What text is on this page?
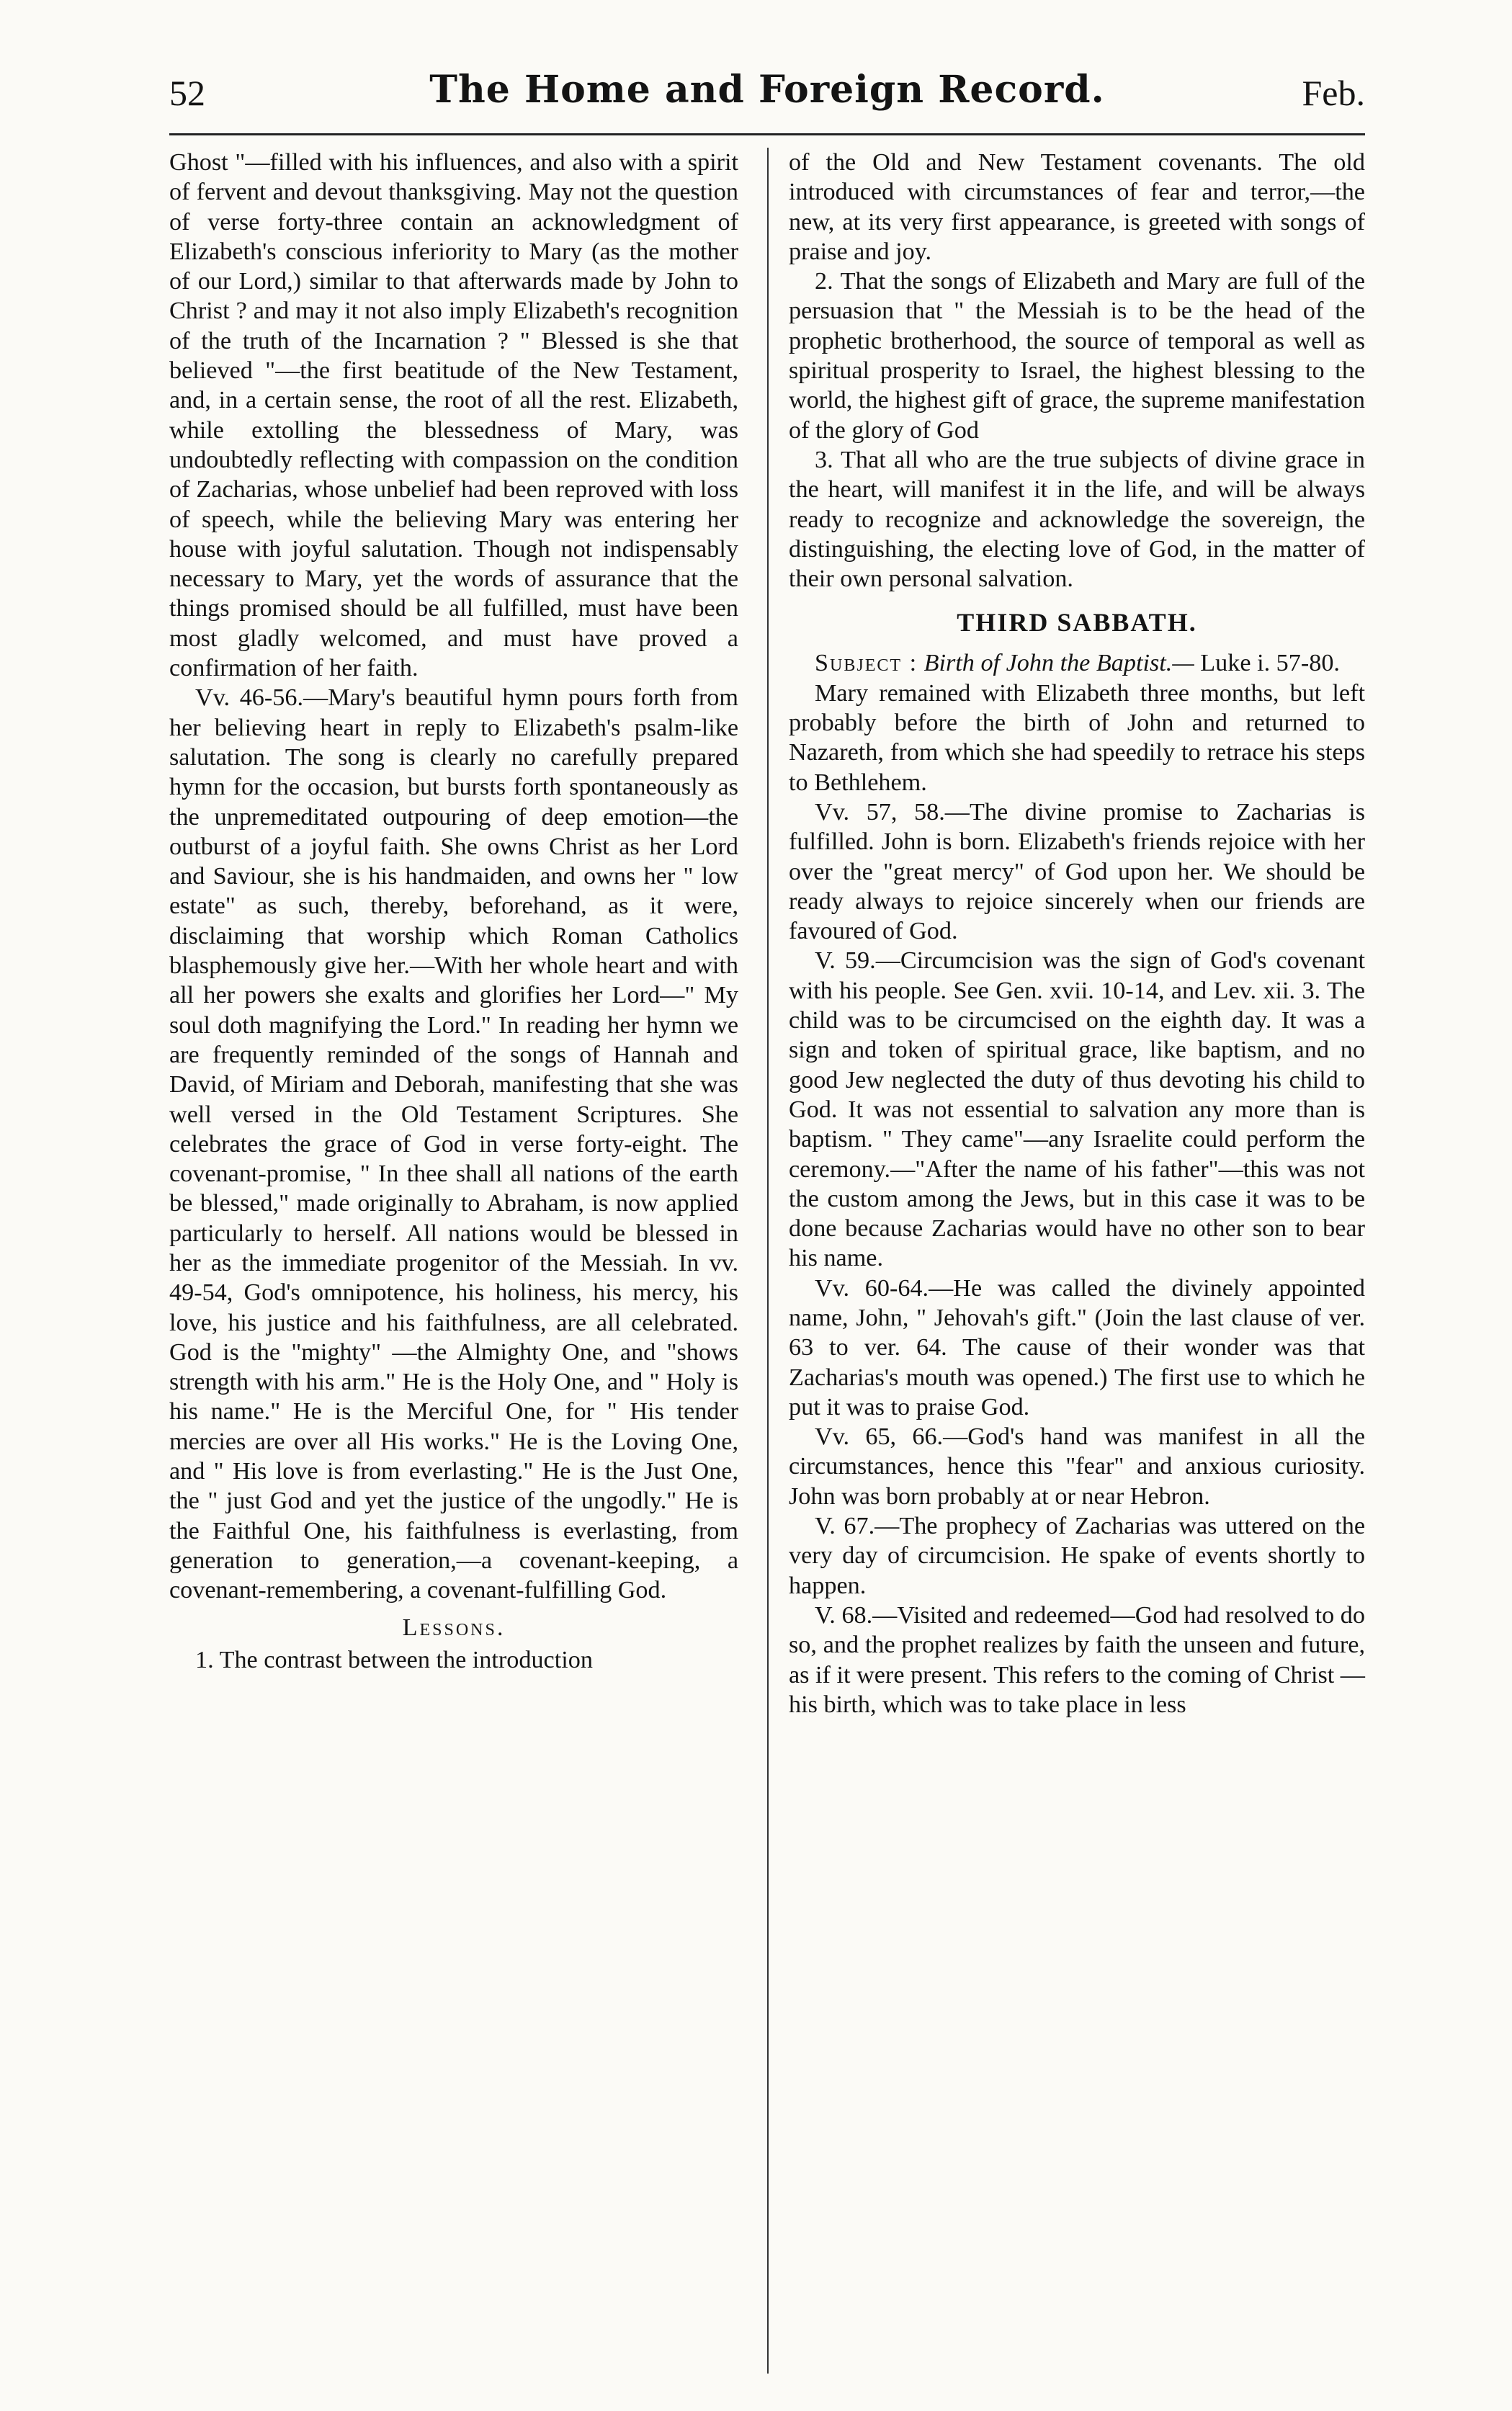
52	The Home and Foreign Record.	Feb.

Ghost "—filled with his influences, and also with a spirit of fervent and devout thanksgiving. May not the question of verse forty-three contain an acknowledgment of Elizabeth's conscious inferiority to Mary (as the mother of our Lord,) similar to that afterwards made by John to Christ ? and may it not also imply Elizabeth's recognition of the truth of the Incarnation ? " Blessed is she that believed "—the first beatitude of the New Testament, and, in a certain sense, the root of all the rest. Elizabeth, while extolling the blessedness of Mary, was undoubtedly reflecting with compassion on the condition of Zacharias, whose unbelief had been reproved with loss of speech, while the believing Mary was entering her house with joyful salutation. Though not indispensably necessary to Mary, yet the words of assurance that the things promised should be all fulfilled, must have been most gladly welcomed, and must have proved a confirmation of her faith.

Vv. 46-56.—Mary's beautiful hymn pours forth from her believing heart in reply to Elizabeth's psalm-like salutation. The song is clearly no carefully prepared hymn for the occasion, but bursts forth spontaneously as the unpremeditated outpouring of deep emotion—the outburst of a joyful faith. She owns Christ as her Lord and Saviour, she is his handmaiden, and owns her " low estate" as such, thereby, beforehand, as it were, disclaiming that worship which Roman Catholics blasphemously give her.—With her whole heart and with all her powers she exalts and glorifies her Lord—" My soul doth magnifying the Lord." In reading her hymn we are frequently reminded of the songs of Hannah and David, of Miriam and Deborah, manifesting that she was well versed in the Old Testament Scriptures. She celebrates the grace of God in verse forty-eight. The covenant-promise, " In thee shall all nations of the earth be blessed," made originally to Abraham, is now applied particularly to herself. All nations would be blessed in her as the immediate progenitor of the Messiah. In vv. 49-54, God's omnipotence, his holiness, his mercy, his love, his justice and his faithfulness, are all celebrated. God is the "mighty" —the Almighty One, and "shows strength with his arm." He is the Holy One, and " Holy is his name." He is the Merciful One, for " His tender mercies are over all His works." He is the Loving One, and " His love is from everlasting." He is the Just One, the " just God and yet the justice of the ungodly." He is the Faithful One, his faithfulness is everlasting, from generation to generation,—a covenant-keeping, a covenant-remembering, a covenant-fulfilling God.

Lessons.

1. The contrast between the introduction

of the Old and New Testament covenants. The old introduced with circumstances of fear and terror,—the new, at its very first appearance, is greeted with songs of praise and joy.

2. That the songs of Elizabeth and Mary are full of the persuasion that " the Messiah is to be the head of the prophetic brotherhood, the source of temporal as well as spiritual prosperity to Israel, the highest blessing to the world, the highest gift of grace, the supreme manifestation of the glory of God

3. That all who are the true subjects of divine grace in the heart, will manifest it in the life, and will be always ready to recognize and acknowledge the sovereign, the distinguishing, the electing love of God, in the matter of their own personal salvation.

THIRD SABBATH.

Subject : Birth of John the Baptist.— Luke i. 57-80.

Mary remained with Elizabeth three months, but left probably before the birth of John and returned to Nazareth, from which she had speedily to retrace his steps to Bethlehem.

Vv. 57, 58.—The divine promise to Zacharias is fulfilled. John is born. Elizabeth's friends rejoice with her over the "great mercy" of God upon her. We should be ready always to rejoice sincerely when our friends are favoured of God.

V. 59.—Circumcision was the sign of God's covenant with his people. See Gen. xvii. 10-14, and Lev. xii. 3. The child was to be circumcised on the eighth day. It was a sign and token of spiritual grace, like baptism, and no good Jew neglected the duty of thus devoting his child to God. It was not essential to salvation any more than is baptism. " They came"—any Israelite could perform the ceremony.—"After the name of his father"—this was not the custom among the Jews, but in this case it was to be done because Zacharias would have no other son to bear his name.

Vv. 60-64.—He was called the divinely appointed name, John, " Jehovah's gift." (Join the last clause of ver. 63 to ver. 64. The cause of their wonder was that Zacharias's mouth was opened.) The first use to which he put it was to praise God.

Vv. 65, 66.—God's hand was manifest in all the circumstances, hence this "fear" and anxious curiosity. John was born probably at or near Hebron.

V. 67.—The prophecy of Zacharias was uttered on the very day of circumcision. He spake of events shortly to happen.

V. 68.—Visited and redeemed—God had resolved to do so, and the prophet realizes by faith the unseen and future, as if it were present. This refers to the coming of Christ —his birth, which was to take place in less
